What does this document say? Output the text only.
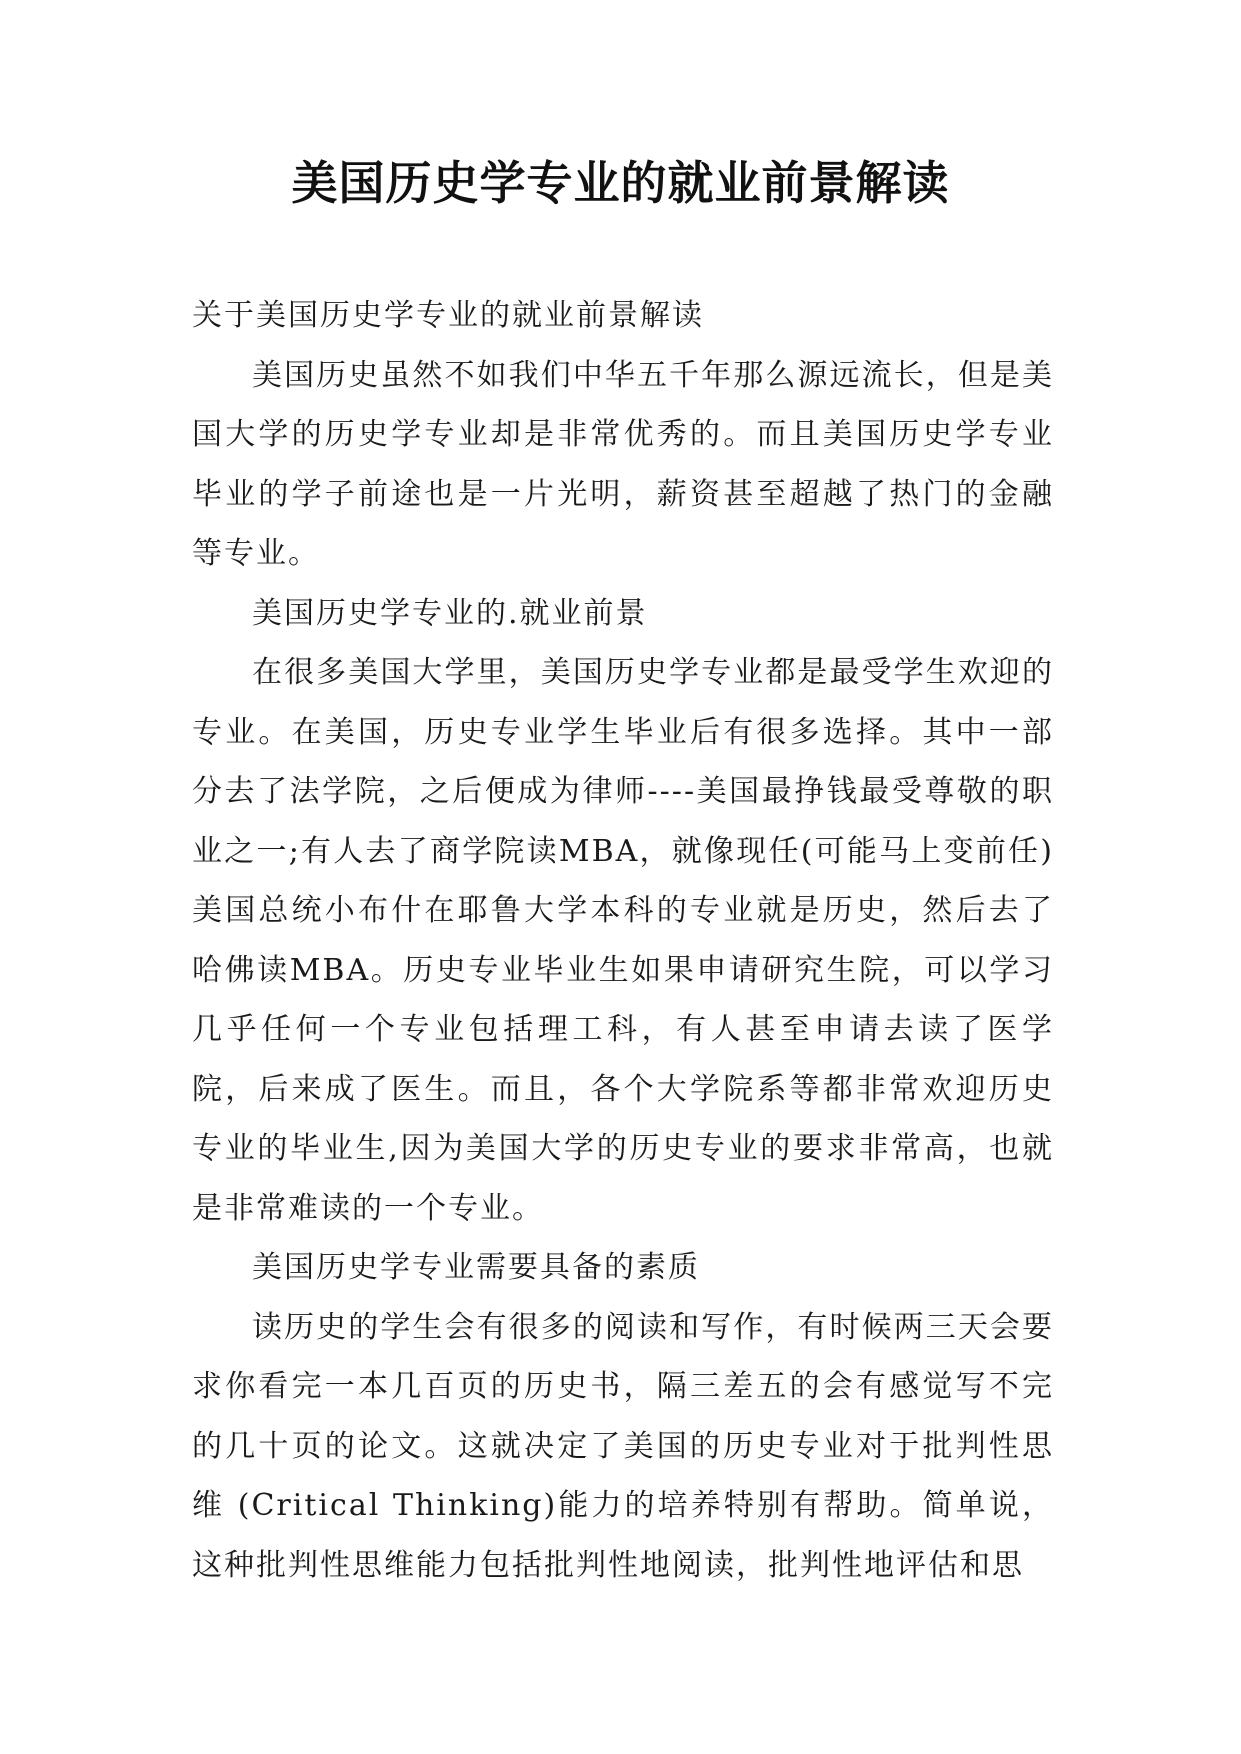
美国历史学专业的就业前景解读

关于美国历史学专业的就业前景解读

美国历史虽然不如我们中华五千年那么源远流长，但是美国大学的历史学专业却是非常优秀的。而且美国历史学专业毕业的学子前途也是一片光明，薪资甚至超越了热门的金融等专业。

美国历史学专业的.就业前景

在很多美国大学里，美国历史学专业都是最受学生欢迎的专业。在美国，历史专业学生毕业后有很多选择。其中一部分去了法学院，之后便成为律师----美国最挣钱最受尊敬的职业之一;有人去了商学院读MBA，就像现任(可能马上变前任)美国总统小布什在耶鲁大学本科的专业就是历史，然后去了哈佛读MBA。历史专业毕业生如果申请研究生院，可以学习几乎任何一个专业包括理工科，有人甚至申请去读了医学院，后来成了医生。而且，各个大学院系等都非常欢迎历史专业的毕业生,因为美国大学的历史专业的要求非常高，也就是非常难读的一个专业。

美国历史学专业需要具备的素质

读历史的学生会有很多的阅读和写作，有时候两三天会要求你看完一本几百页的历史书，隔三差五的会有感觉写不完的几十页的论文。这就决定了美国的历史专业对于批判性思维 (Critical Thinking)能力的培养特别有帮助。简单说，这种批判性思维能力包括批判性地阅读，批判性地评估和思
